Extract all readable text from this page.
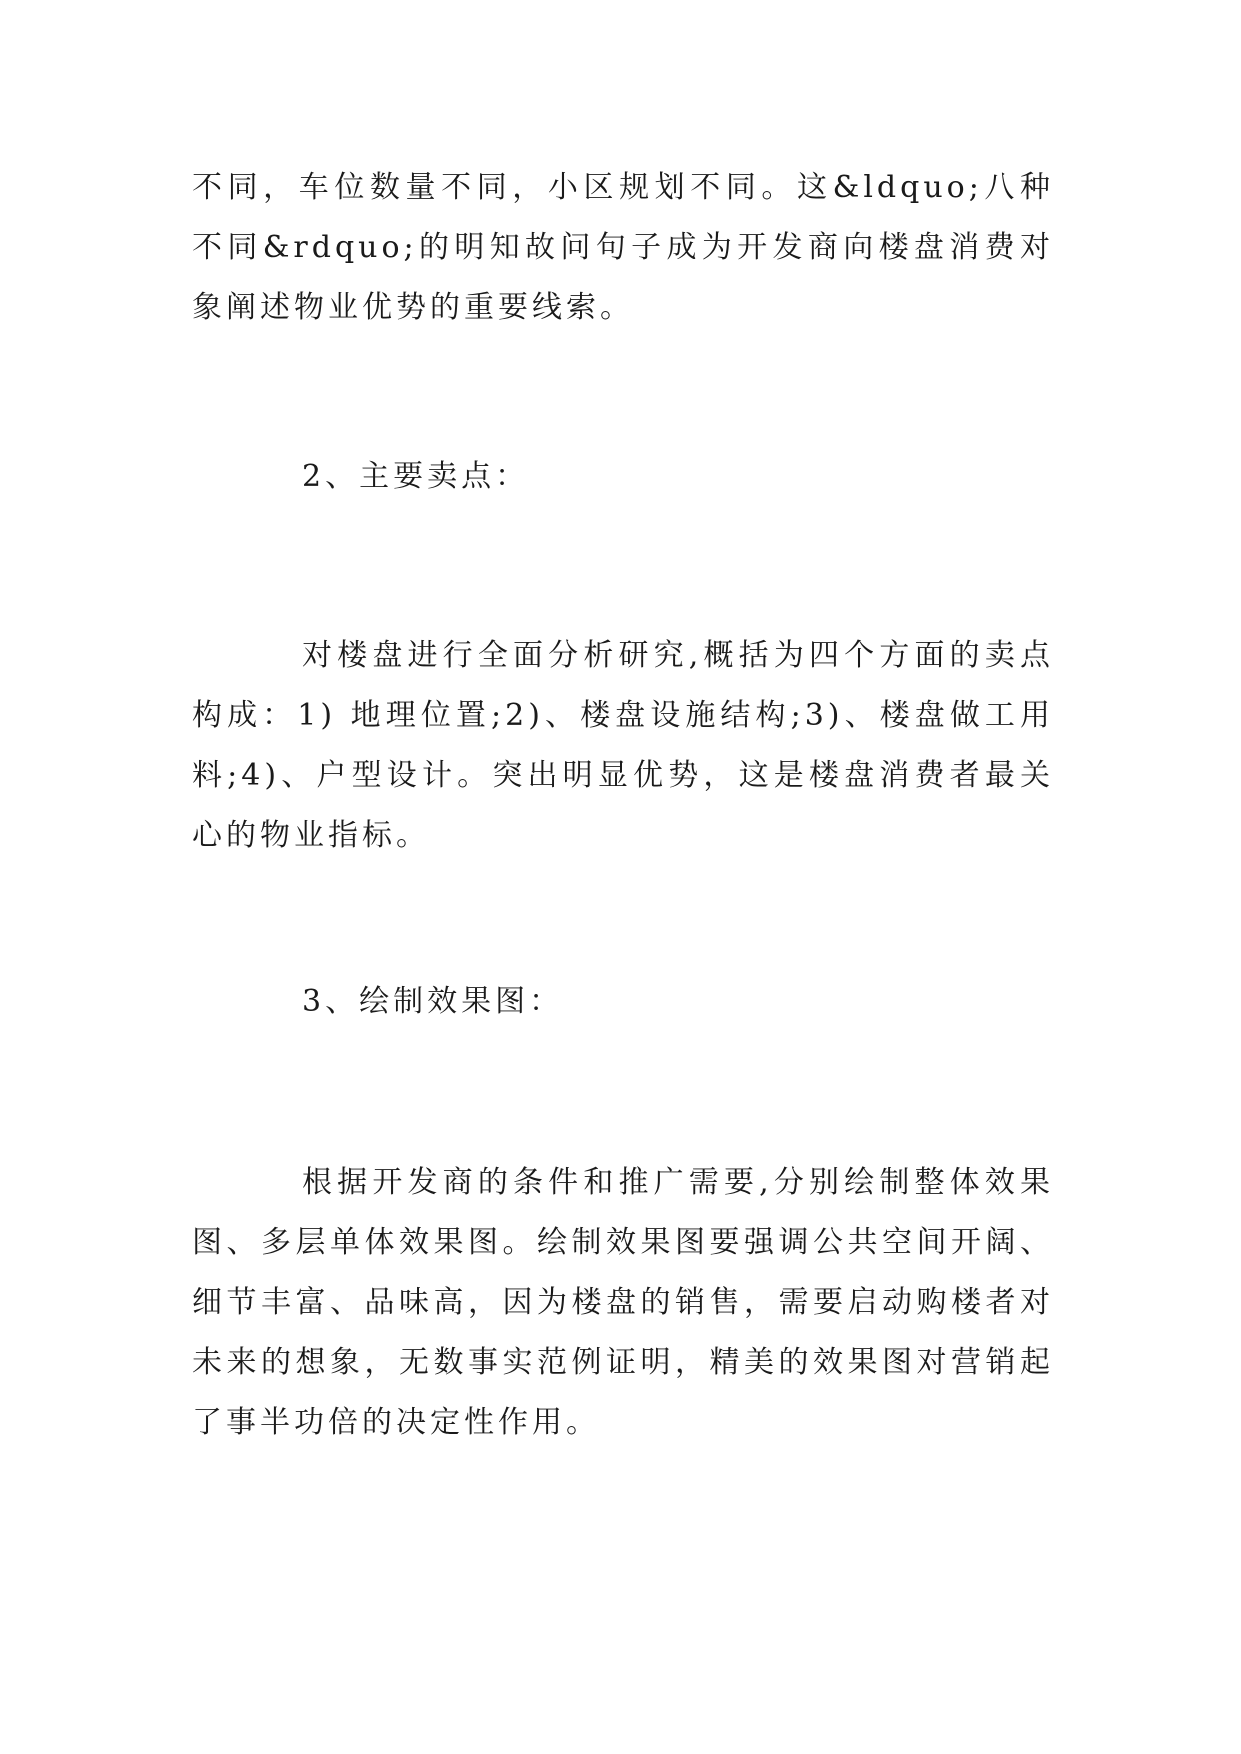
不同，车位数量不同，小区规划不同。这&ldquo;八种不同&rdquo;的明知故问句子成为开发商向楼盘消费对象阐述物业优势的重要线索。

2、主要卖点：

对楼盘进行全面分析研究,概括为四个方面的卖点构成：1) 地理位置;2)、楼盘设施结构;3)、楼盘做工用料;4)、户型设计。突出明显优势，这是楼盘消费者最关心的物业指标。

3、绘制效果图：

根据开发商的条件和推广需要,分别绘制整体效果图、多层单体效果图。绘制效果图要强调公共空间开阔、细节丰富、品味高，因为楼盘的销售，需要启动购楼者对未来的想象，无数事实范例证明，精美的效果图对营销起了事半功倍的决定性作用。
